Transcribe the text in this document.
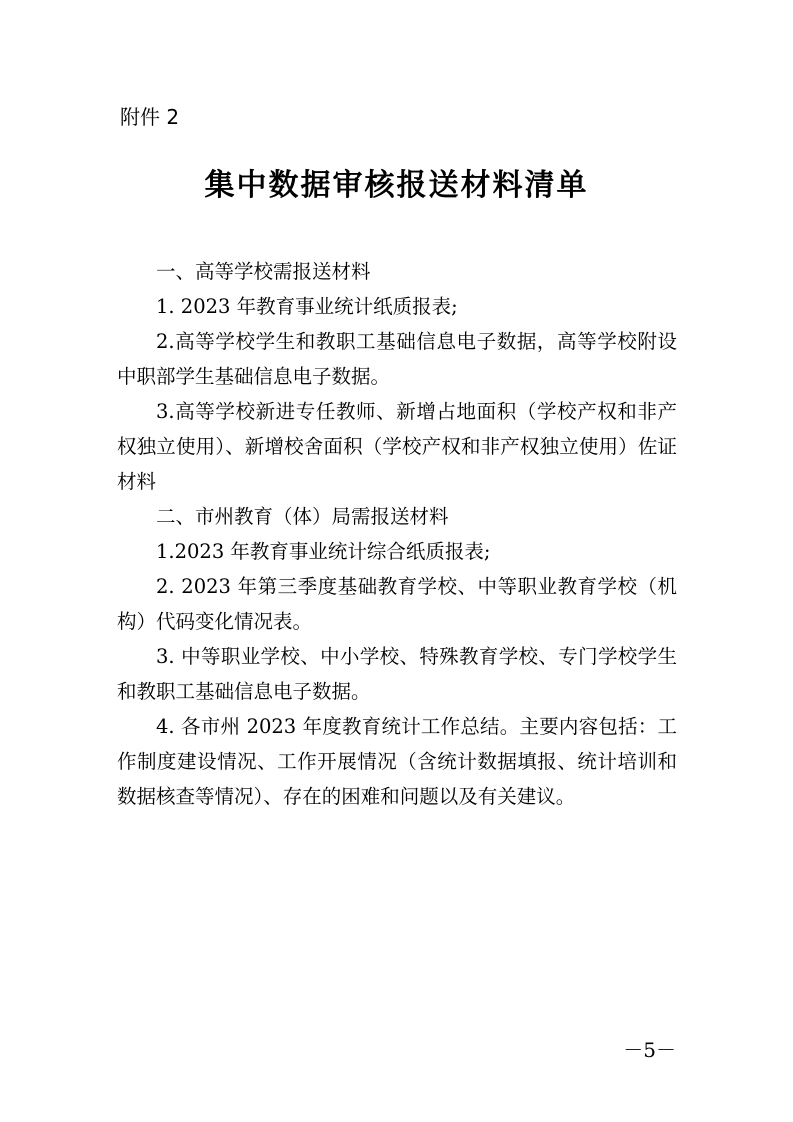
附件 2

集中数据审核报送材料清单

一、高等学校需报送材料

1. 2023 年教育事业统计纸质报表;

2.高等学校学生和教职工基础信息电子数据，高等学校附设中职部学生基础信息电子数据。

3.高等学校新进专任教师、新增占地面积（学校产权和非产权独立使用）、新增校舍面积（学校产权和非产权独立使用）佐证材料

二、市州教育（体）局需报送材料

1.2023 年教育事业统计综合纸质报表;

2. 2023 年第三季度基础教育学校、中等职业教育学校（机构）代码变化情况表。

3. 中等职业学校、中小学校、特殊教育学校、专门学校学生和教职工基础信息电子数据。

4. 各市州 2023 年度教育统计工作总结。主要内容包括：工作制度建设情况、工作开展情况（含统计数据填报、统计培训和数据核查等情况）、存在的困难和问题以及有关建议。

－5－
